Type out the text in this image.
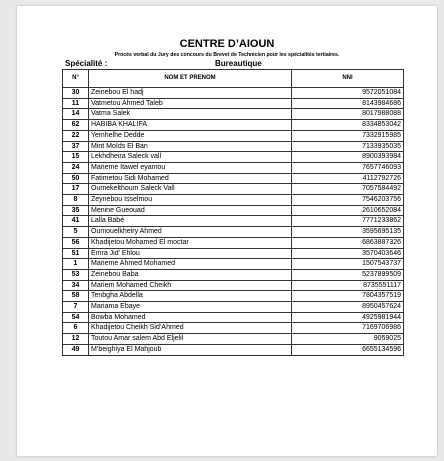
CENTRE D’AIOUN
Procès verbal du Jury des concours du Brevet de Technicien pour les spécialités tertiaires.
Spécialité :	Bureautique
N°	NOM ET PRENOM	NNI
30	Zeinebou El hadj	9572051084
11	Vatmetou Ahmed Taleb	8143984686
14	Vatma Salek	8017988088
62	HABIBA KHALIFA	8334853042
22	Yemhelhe Dedde	7332915985
37	Mint Moïds El Ban	7133935035
15	Lekhdheira Saleck vall	8900393984
24	Marieme Itawel eyamou	7657746093
50	Fatimetou Sidi Mohamed	4112792726
17	Oumekelthoum Saleck Vall	7057584492
8	Zeynebou Isselmou	7546203756
35	Menine Gueouad	2610652084
41	Lalla Babé	7771233862
5	Oumouelkheiry Ahmed	3595695135
56	Khadijetou Mohamed El moctar	6863887326
51	Emra Jid’ Ehlou	3570403646
1	Marieme Ahmed Mohamed	1507543737
53	Zeinebou Baba	5237899509
34	Mariem Mohamed Cheikh	8735551117
58	Tenbgha Abdella	7804357519
7	Mariama Ebaye	8950457624
54	Bowba Mohamed	4925981944
6	Khadijetou Cheikh Sid’Ahmed	7169706986
12	Toutou Amar salem Abd Eljelil	9059025
49	M’beighiya El Mahjoub	6655134596
